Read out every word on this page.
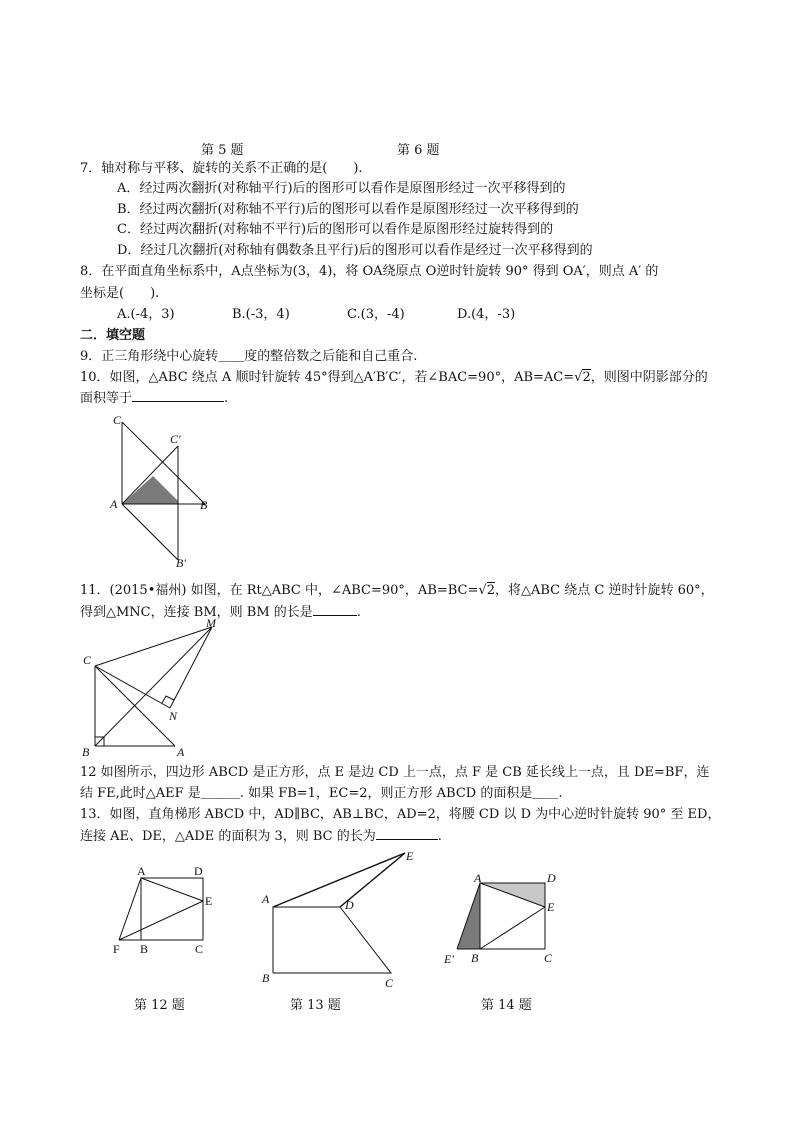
第 5 题	第 6 题
7．轴对称与平移、旋转的关系不正确的是(　　).
A．经过两次翻折(对称轴平行)后的图形可以看作是原图形经过一次平移得到的
B．经过两次翻折(对称轴不平行)后的图形可以看作是原图形经过一次平移得到的
C．经过两次翻折(对称轴不平行)后的图形可以看作是原图形经过旋转得到的
D．经过几次翻折(对称轴有偶数条且平行)后的图形可以看作是经过一次平移得到的
8．在平面直角坐标系中，A点坐标为(3，4)，将 OA绕原点 O逆时针旋转 90° 得到 OA′，则点 A′ 的
坐标是(　　).
A.(-4，3)	B.(-3，4)	C.(3，-4)	D.(4，-3)
二．填空题
9．正三角形绕中心旋转＿＿度的整倍数之后能和自己重合.
10．如图，△ABC 绕点 A 顺时针旋转 45°得到△A′B′C′，若∠BAC=90°，AB=AC=√2，则图中阴影部分的
面积等于	.
C
C′
A	B
B′
11．(2015•福州) 如图，在 Rt△ABC 中，∠ABC=90°，AB=BC=√2，将△ABC 绕点 C 逆时针旋转 60°，
得到△MNC，连接 BM，则 BM 的长是	.
M
C
N
B	A
12 如图所示，四边形 ABCD 是正方形，点 E 是边 CD 上一点，点 F 是 CB 延长线上一点，且 DE=BF，连
结 FE,此时△AEF 是＿＿＿. 如果 FB=1，EC=2，则正方形 ABCD 的面积是＿＿.
13．如图，直角梯形 ABCD 中，AD∥BC，AB⊥BC，AD=2，将腰 CD 以 D 为中心逆时针旋转 90° 至 ED，
连接 AE、DE，△ADE 的面积为 3，则 BC 的长为	.
A	D
E
F B	C
E
A	D
B	C
A	D
E
E′ B	C
第 12 题	第 13 题	第 14 题
